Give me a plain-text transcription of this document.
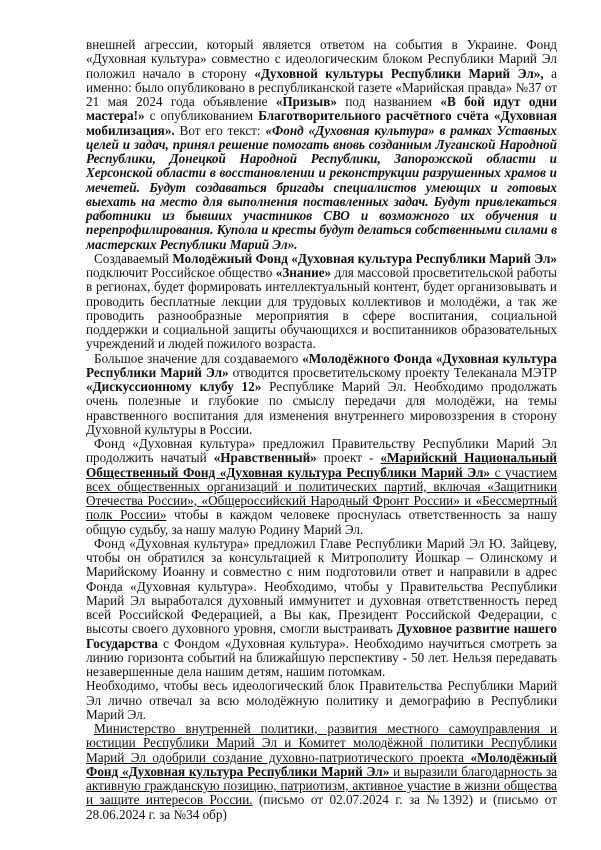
внешней агрессии, который является ответом на события в Украине. Фонд «Духовная культура» совместно с идеологическим блоком Республики Марий Эл положил начало в сторону «Духовной культуры Республики Марий Эл», а именно: было опубликовано в республиканской газете «Марийская правда» №37 от 21 мая 2024 года объявление «Призыв» под названием «В бой идут одни мастера!» с опубликованием Благотворительного расчётного счёта «Духовная мобилизация». Вот его текст: «Фонд «Духовная культура» в рамках Уставных целей и задач, принял решение помогать вновь созданным Луганской Народной Республики, Донецкой Народной Республики, Запорожской области и Херсонской области в восстановлении и реконструкции разрушенных храмов и мечетей. Будут создаваться бригады специалистов умеющих и готовых выехать на место для выполнения поставленных задач. Будут привлекаться работники из бывших участников СВО и возможного их обучения и перепрофилирования. Купола и кресты будут делаться собственными силами в мастерских Республики Марий Эл».

Создаваемый Молодёжный Фонд «Духовная культура Республики Марий Эл» подключит Российское общество «Знание» для массовой просветительской работы в регионах, будет формировать интеллектуальный контент, будет организовывать и проводить бесплатные лекции для трудовых коллективов и молодёжи, а так же проводить разнообразные мероприятия в сфере воспитания, социальной поддержки и социальной защиты обучающихся и воспитанников образовательных учреждений и людей пожилого возраста.

Большое значение для создаваемого «Молодёжного Фонда «Духовная культура Республики Марий Эл» отводится просветительскому проекту Телеканала МЭТР «Дискуссионному клубу 12» Республике Марий Эл. Необходимо продолжать очень полезные и глубокие по смыслу передачи для молодёжи, на темы нравственного воспитания для изменения внутреннего мировоззрения в сторону Духовной культуры в России.

Фонд «Духовная культура» предложил Правительству Республики Марий Эл продолжить начатый «Нравственный» проект - «Марийский Национальный Общественный Фонд «Духовная культура Республики Марий Эл» с участием всех общественных организаций и политических партий, включая «Защитники Отечества России», «Общероссийский Народный Фронт России» и «Бессмертный полк России» чтобы в каждом человеке проснулась ответственность за нашу общую судьбу, за нашу малую Родину Марий Эл.

Фонд «Духовная культура» предложил Главе Республики Марий Эл Ю. Зайцеву, чтобы он обратился за консультацией к Митрополиту Йошкар – Олинскому и Марийскому Иоанну и совместно с ним подготовили ответ и направили в адрес Фонда «Духовная культура». Необходимо, чтобы у Правительства Республики Марий Эл выработался духовный иммунитет и духовная ответственность перед всей Российской Федерацией, а Вы как, Президент Российской Федерации, с высоты своего духовного уровня, смогли выстраивать Духовное развитие нашего Государства с Фондом «Духовная культура». Необходимо научиться смотреть за линию горизонта событий на ближайшую перспективу - 50 лет. Нельзя передавать незавершенные дела нашим детям, нашим потомкам.

Необходимо, чтобы весь идеологический блок Правительства Республики Марий Эл лично отвечал за всю молодёжную политику и демографию в Республики Марий Эл.

Министерство внутренней политики, развития местного самоуправления и юстиции Республики Марий Эл и Комитет молодёжной политики Республики Марий Эл одобрили создание духовно-патриотического проекта «Молодёжный Фонд «Духовная культура Республики Марий Эл» и выразили благодарность за активную гражданскую позицию, патриотизм, активное участие в жизни общества и защите интересов России. (письмо от 02.07.2024 г. за №1392) и (письмо от 28.06.2024 г. за №34 обр)
